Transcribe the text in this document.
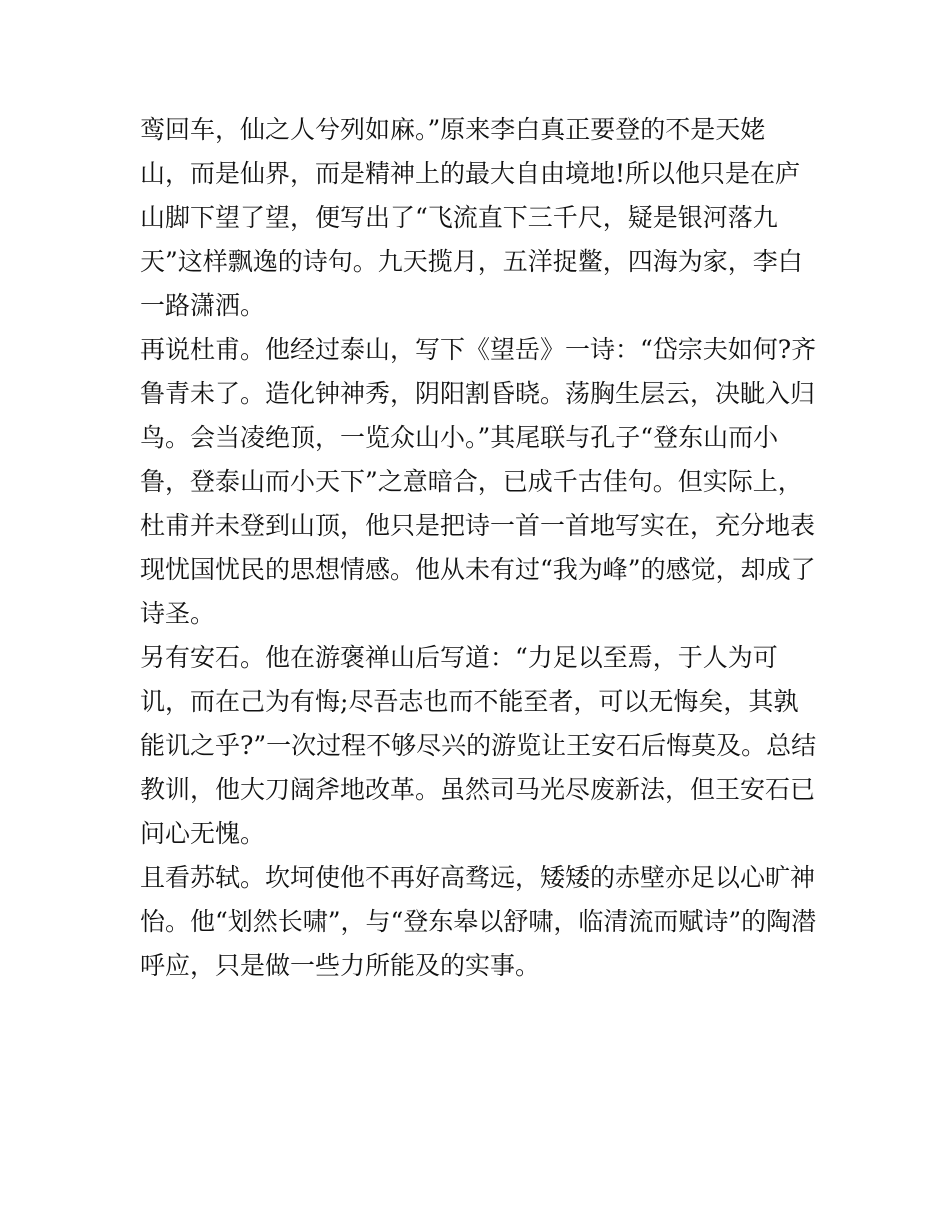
鸾回车，仙之人兮列如麻。”原来李白真正要登的不是天姥
山，而是仙界，而是精神上的最大自由境地!所以他只是在庐
山脚下望了望，便写出了“飞流直下三千尺，疑是银河落九
天”这样飘逸的诗句。九天揽月，五洋捉鳖，四海为家，李白
一路潇洒。
再说杜甫。他经过泰山，写下《望岳》一诗：“岱宗夫如何?齐
鲁青未了。造化钟神秀，阴阳割昏晓。荡胸生层云，决眦入归
鸟。会当凌绝顶，一览众山小。”其尾联与孔子“登东山而小
鲁，登泰山而小天下”之意暗合，已成千古佳句。但实际上，
杜甫并未登到山顶，他只是把诗一首一首地写实在，充分地表
现忧国忧民的思想情感。他从未有过“我为峰”的感觉，却成了
诗圣。
另有安石。他在游褒禅山后写道：“力足以至焉，于人为可
讥，而在己为有悔;尽吾志也而不能至者，可以无悔矣，其孰
能讥之乎?”一次过程不够尽兴的游览让王安石后悔莫及。总结
教训，他大刀阔斧地改革。虽然司马光尽废新法，但王安石已
问心无愧。
且看苏轼。坎坷使他不再好高骛远，矮矮的赤壁亦足以心旷神
怡。他“划然长啸”，与“登东皋以舒啸，临清流而赋诗”的陶潜
呼应，只是做一些力所能及的实事。
